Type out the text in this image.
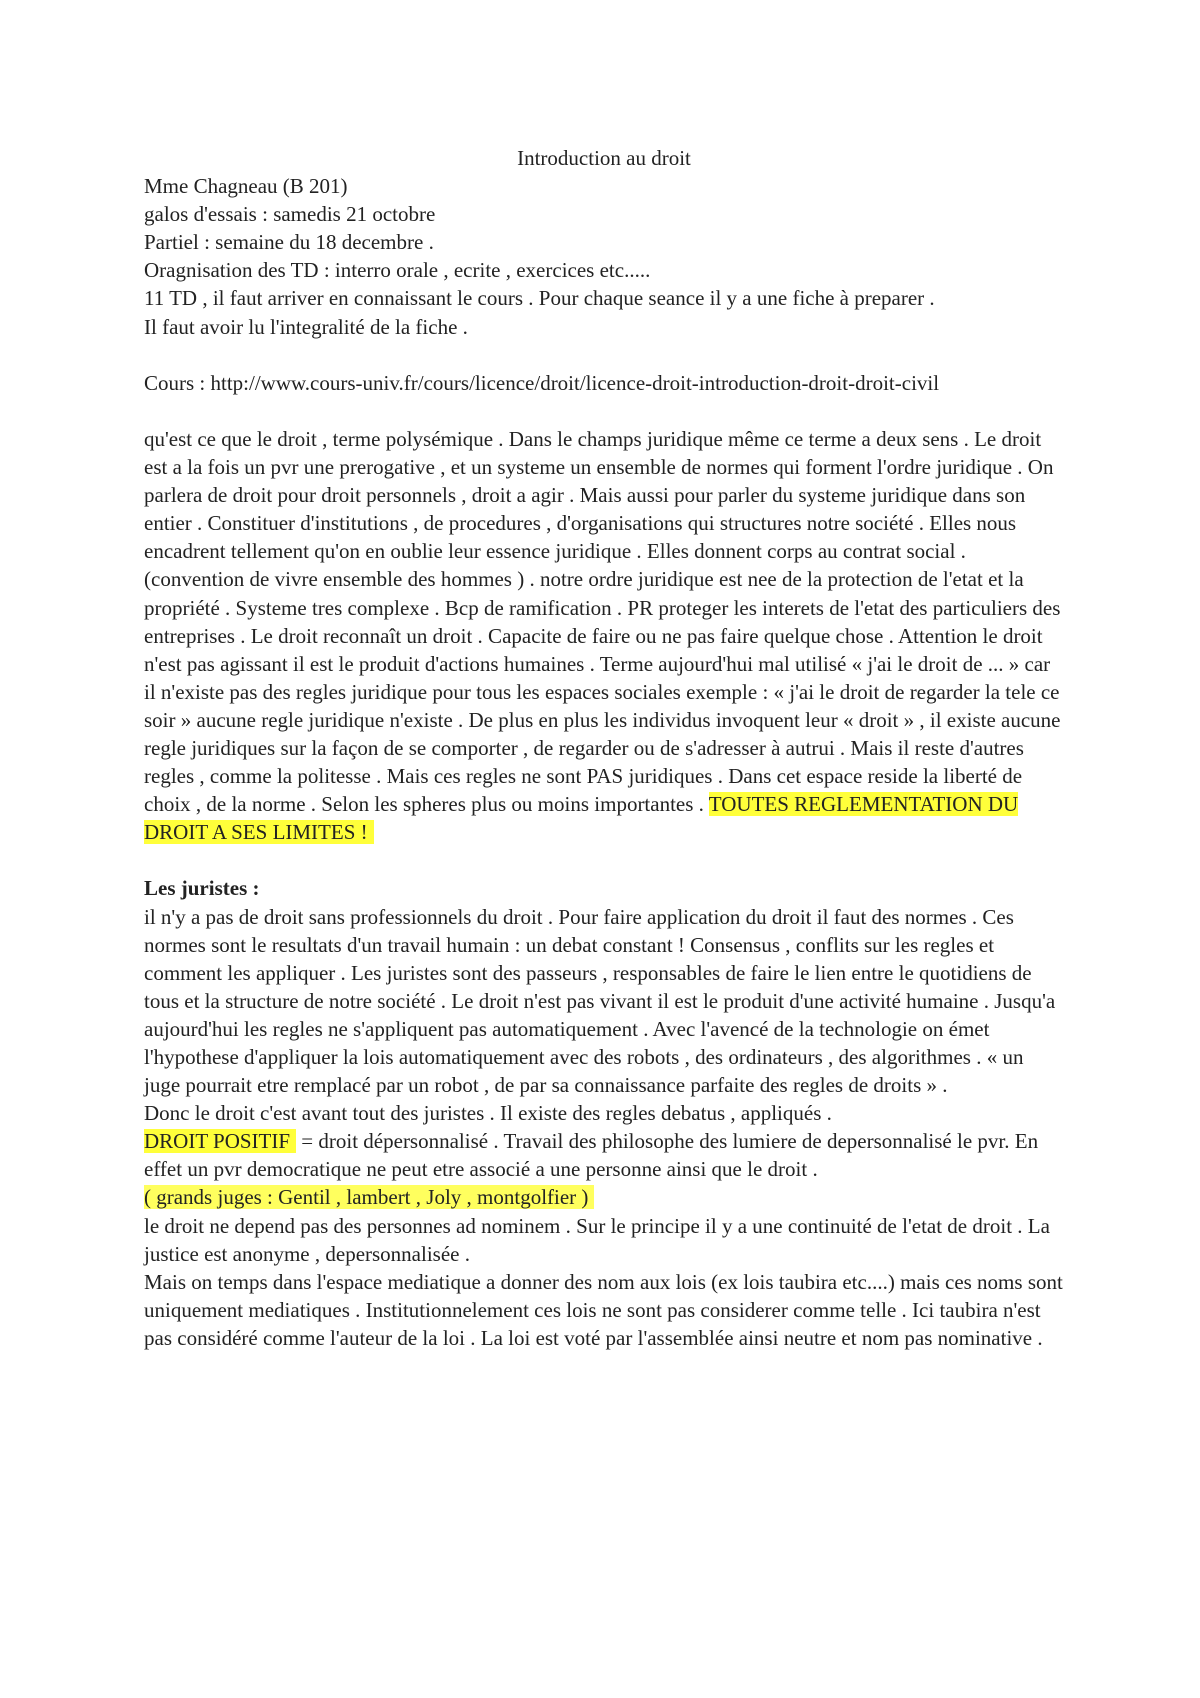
Introduction au droit

Mme Chagneau (B 201)

galos d'essais : samedis 21 octobre

Partiel : semaine du 18 decembre .

Oragnisation des TD : interro orale , ecrite , exercices etc.....

11 TD , il faut arriver en connaissant le cours . Pour chaque seance il y a une fiche à preparer .

Il faut avoir lu l'integralité de la fiche .

Cours : http://www.cours-univ.fr/cours/licence/droit/licence-droit-introduction-droit-droit-civil

qu'est ce que le droit , terme polysémique . Dans le champs juridique même ce terme a deux sens . Le droit est a la fois un pvr une prerogative , et un systeme un ensemble de normes qui forment l'ordre juridique . On parlera de droit pour droit personnels , droit a agir . Mais aussi pour parler du systeme juridique dans son entier . Constituer d'institutions , de procedures , d'organisations qui structures notre société . Elles nous encadrent tellement qu'on en oublie leur essence juridique . Elles donnent corps au contrat social . (convention de vivre ensemble des hommes ) . notre ordre juridique est nee de la protection de l'etat et la propriété . Systeme tres complexe . Bcp de ramification . PR proteger les interets de l'etat des particuliers des entreprises . Le droit reconnaît un droit . Capacite de faire ou ne pas faire quelque chose . Attention le droit n'est pas agissant il est le produit d'actions humaines . Terme aujourd'hui mal utilisé « j'ai le droit de ... » car il n'existe pas des regles juridique pour tous les espaces sociales exemple : « j'ai le droit de regarder la tele ce soir » aucune regle juridique n'existe . De plus en plus les individus invoquent leur « droit » , il existe aucune regle juridiques sur la façon de se comporter , de regarder ou de s'adresser à autrui . Mais il reste d'autres regles , comme la politesse . Mais ces regles ne sont PAS juridiques . Dans cet espace reside la liberté de choix , de la norme . Selon les spheres plus ou moins importantes . TOUTES REGLEMENTATION DU DROIT A SES LIMITES !

Les juristes :

il n'y a pas de droit sans professionnels du droit . Pour faire application du droit il faut des normes . Ces normes sont le resultats d'un travail humain : un debat constant ! Consensus , conflits sur les regles et comment les appliquer . Les juristes sont des passeurs , responsables de faire le lien entre le quotidiens de tous et la structure de notre société . Le droit n'est pas vivant il est le produit d'une activité humaine . Jusqu'a aujourd'hui les regles ne s'appliquent pas automatiquement . Avec l'avencé de la technologie on émet l'hypothese d'appliquer la lois automatiquement avec des robots , des ordinateurs , des algorithmes . « un juge pourrait etre remplacé par un robot , de par sa connaissance parfaite des regles de droits » .

Donc le droit c'est avant tout des juristes . Il existe des regles debatus , appliqués .

DROIT POSITIF = droit dépersonnalisé . Travail des philosophe des lumiere de depersonnalisé le pvr. En effet un pvr democratique ne peut etre associé a une personne ainsi que le droit .

( grands juges : Gentil , lambert , Joly , montgolfier )

le droit ne depend pas des personnes ad nominem . Sur le principe il y a une continuité de l'etat de droit . La justice est anonyme , depersonnalisée .

Mais on temps dans l'espace mediatique a donner des nom aux lois (ex lois taubira etc....) mais ces noms sont uniquement mediatiques . Institutionnelement ces lois ne sont pas considerer comme telle . Ici taubira n'est pas considéré comme l'auteur de la loi . La loi est voté par l'assemblée ainsi neutre et nom pas nominative .
